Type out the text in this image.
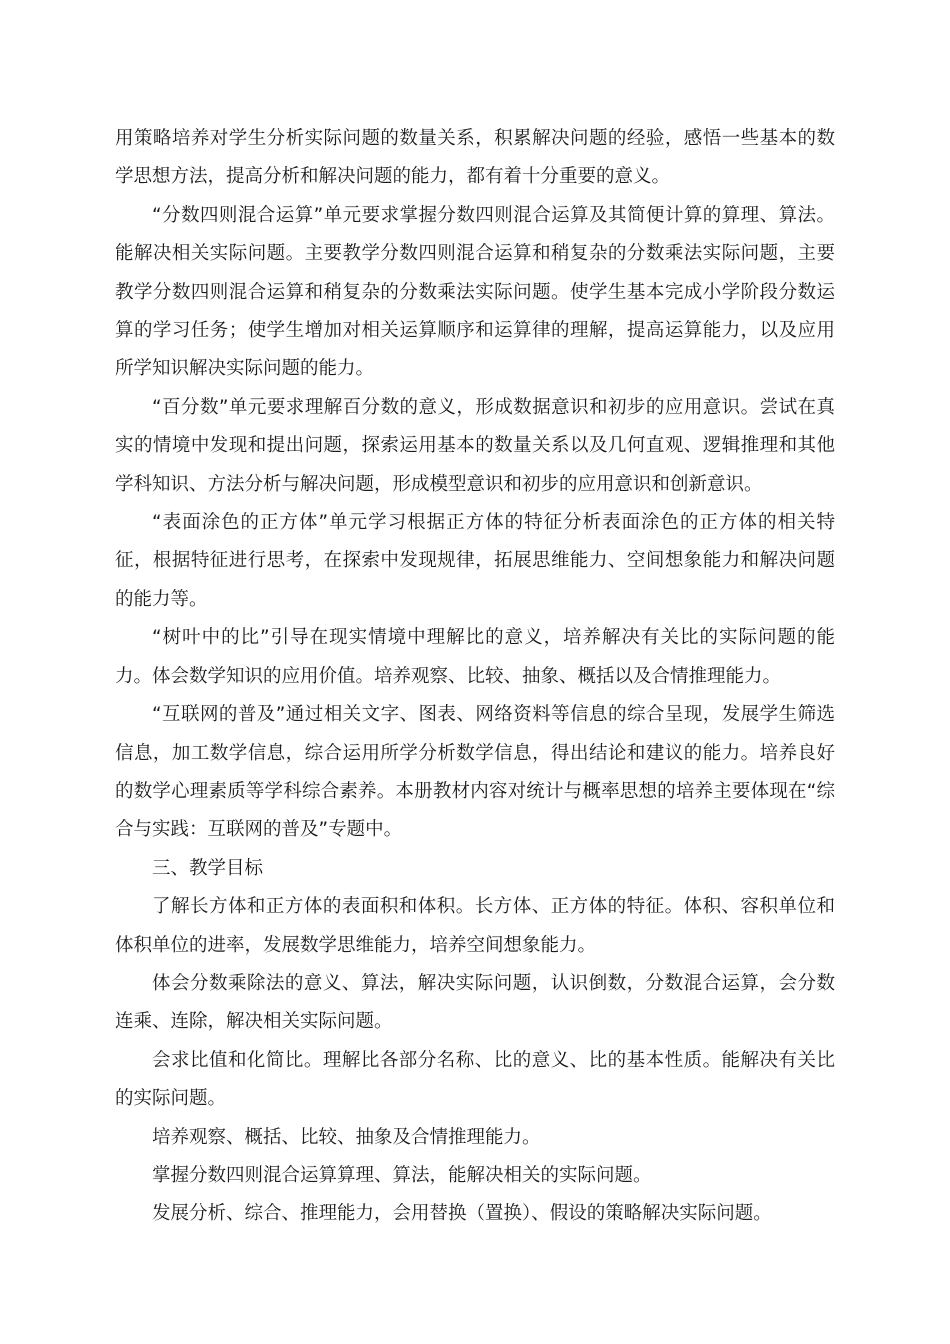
用策略培养对学生分析实际问题的数量关系，积累解决问题的经验，感悟一些基本的数学思想方法，提高分析和解决问题的能力，都有着十分重要的意义。

“分数四则混合运算”单元要求掌握分数四则混合运算及其简便计算的算理、算法。能解决相关实际问题。主要教学分数四则混合运算和稍复杂的分数乘法实际问题，主要教学分数四则混合运算和稍复杂的分数乘法实际问题。使学生基本完成小学阶段分数运算的学习任务；使学生增加对相关运算顺序和运算律的理解，提高运算能力，以及应用所学知识解决实际问题的能力。

“百分数”单元要求理解百分数的意义，形成数据意识和初步的应用意识。尝试在真实的情境中发现和提出问题，探索运用基本的数量关系以及几何直观、逻辑推理和其他学科知识、方法分析与解决问题，形成模型意识和初步的应用意识和创新意识。

“表面涂色的正方体”单元学习根据正方体的特征分析表面涂色的正方体的相关特征，根据特征进行思考，在探索中发现规律，拓展思维能力、空间想象能力和解决问题的能力等。

“树叶中的比”引导在现实情境中理解比的意义，培养解决有关比的实际问题的能力。体会数学知识的应用价值。培养观察、比较、抽象、概括以及合情推理能力。

“互联网的普及”通过相关文字、图表、网络资料等信息的综合呈现，发展学生筛选信息，加工数学信息，综合运用所学分析数学信息，得出结论和建议的能力。培养良好的数学心理素质等学科综合素养。本册教材内容对统计与概率思想的培养主要体现在“综合与实践：互联网的普及”专题中。

三、教学目标

了解长方体和正方体的表面积和体积。长方体、正方体的特征。体积、容积单位和体积单位的进率，发展数学思维能力，培养空间想象能力。

体会分数乘除法的意义、算法，解决实际问题，认识倒数，分数混合运算，会分数连乘、连除，解决相关实际问题。

会求比值和化简比。理解比各部分名称、比的意义、比的基本性质。能解决有关比的实际问题。

培养观察、概括、比较、抽象及合情推理能力。

掌握分数四则混合运算算理、算法，能解决相关的实际问题。

发展分析、综合、推理能力，会用替换（置换）、假设的策略解决实际问题。
